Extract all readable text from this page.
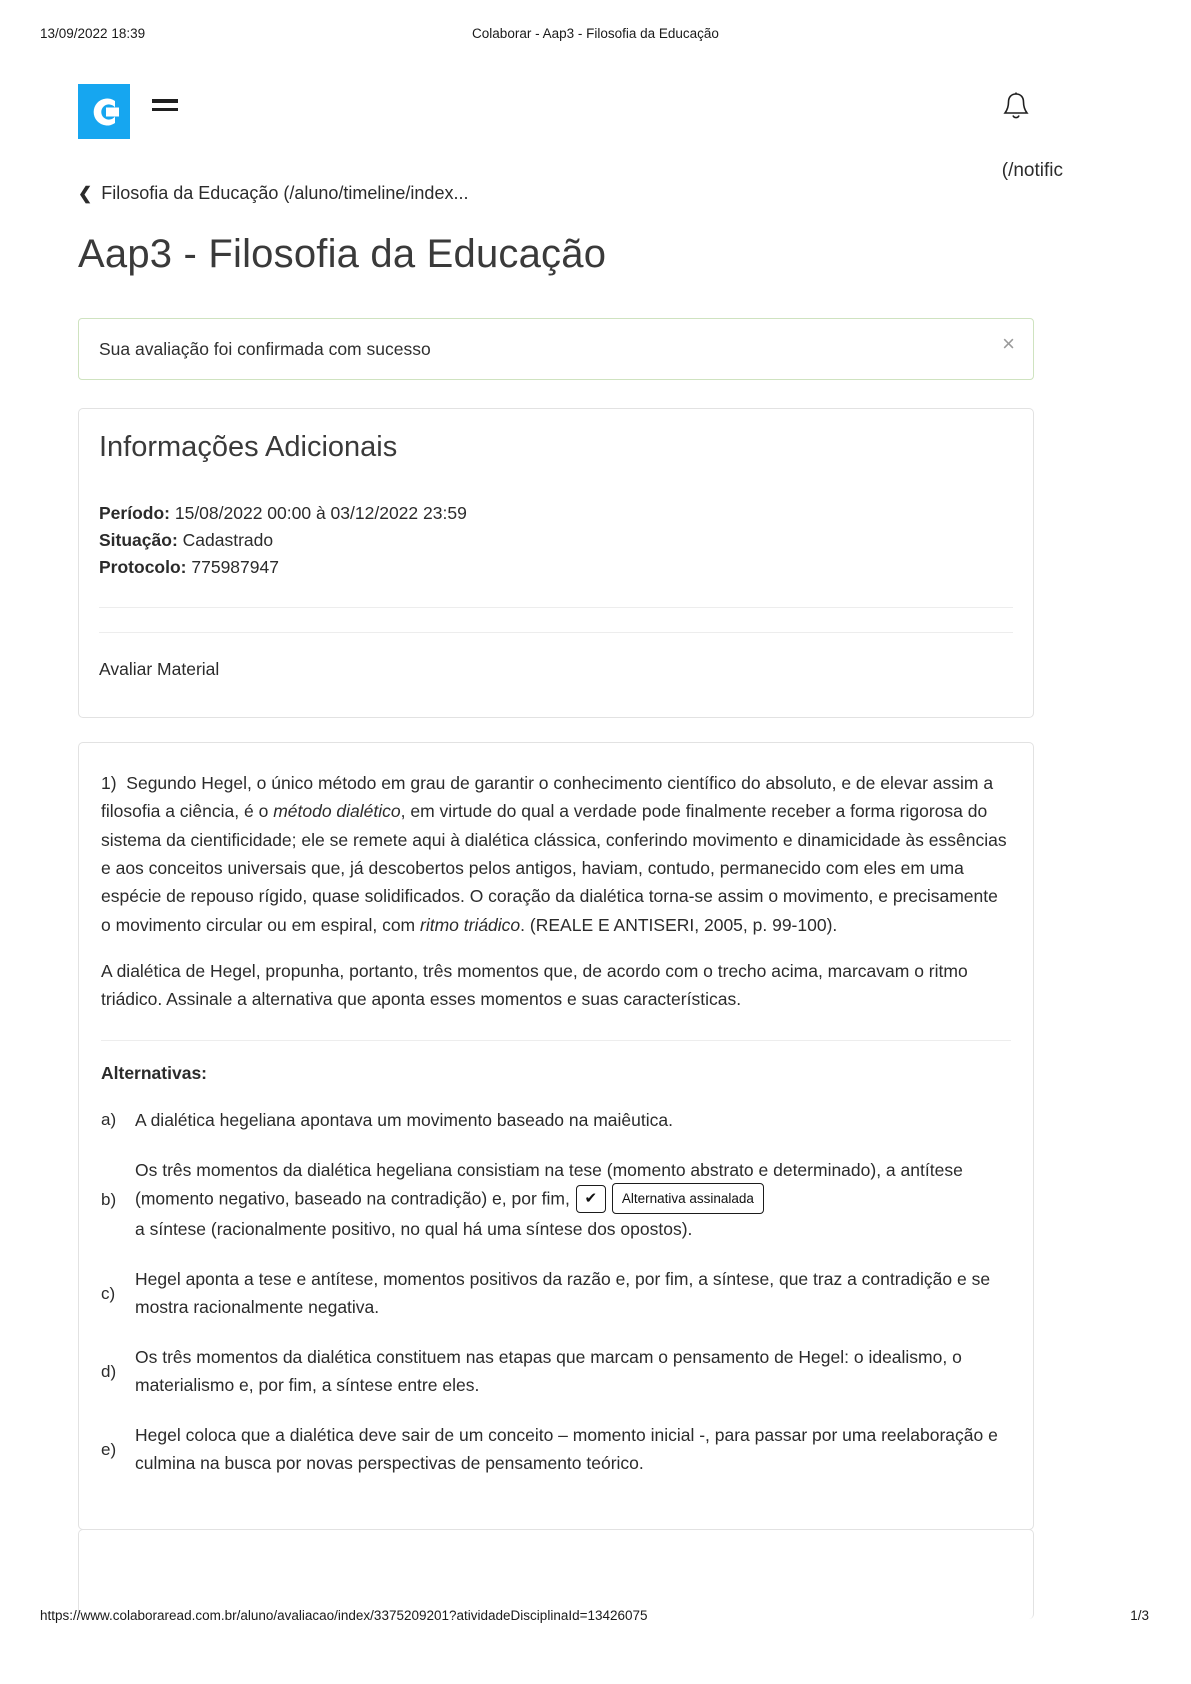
13/09/2022 18:39	Colaborar - Aap3 - Filosofia da Educação
(/notific
❮ Filosofia da Educação (/aluno/timeline/index...
Aap3 - Filosofia da Educação
Sua avaliação foi confirmada com sucesso	×
Informações Adicionais
Período: 15/08/2022 00:00 à 03/12/2022 23:59
Situação: Cadastrado
Protocolo: 775987947
Avaliar Material

1) Segundo Hegel, o único método em grau de garantir o conhecimento científico do absoluto, e de elevar assim a filosofia a ciência, é o método dialético, em virtude do qual a verdade pode finalmente receber a forma rigorosa do sistema da cientificidade; ele se remete aqui à dialética clássica, conferindo movimento e dinamicidade às essências e aos conceitos universais que, já descobertos pelos antigos, haviam, contudo, permanecido com eles em uma espécie de repouso rígido, quase solidificados. O coração da dialética torna-se assim o movimento, e precisamente o movimento circular ou em espiral, com ritmo triádico. (REALE E ANTISERI, 2005, p. 99-100).

A dialética de Hegel, propunha, portanto, três momentos que, de acordo com o trecho acima, marcavam o ritmo triádico. Assinale a alternativa que aponta esses momentos e suas características.

Alternativas:
a)	A dialética hegeliana apontava um movimento baseado na maiêutica.
b)
Os três momentos da dialética hegeliana consistiam na tese (momento abstrato e determinado), a antítese (momento negativo, baseado na contradição) e, por fim, ✔	Alternativa assinalada

a síntese (racionalmente positivo, no qual há uma síntese dos opostos).
c)
Hegel aponta a tese e antítese, momentos positivos da razão e, por fim, a síntese, que traz a contradição e se mostra racionalmente negativa.
d)
Os três momentos da dialética constituem nas etapas que marcam o pensamento de Hegel: o idealismo, o materialismo e, por fim, a síntese entre eles.
e)
Hegel coloca que a dialética deve sair de um conceito – momento inicial -, para passar por uma reelaboração e culmina na busca por novas perspectivas de pensamento teórico.
https://www.colaboraread.com.br/aluno/avaliacao/index/3375209201?atividadeDisciplinaId=13426075	1/3
